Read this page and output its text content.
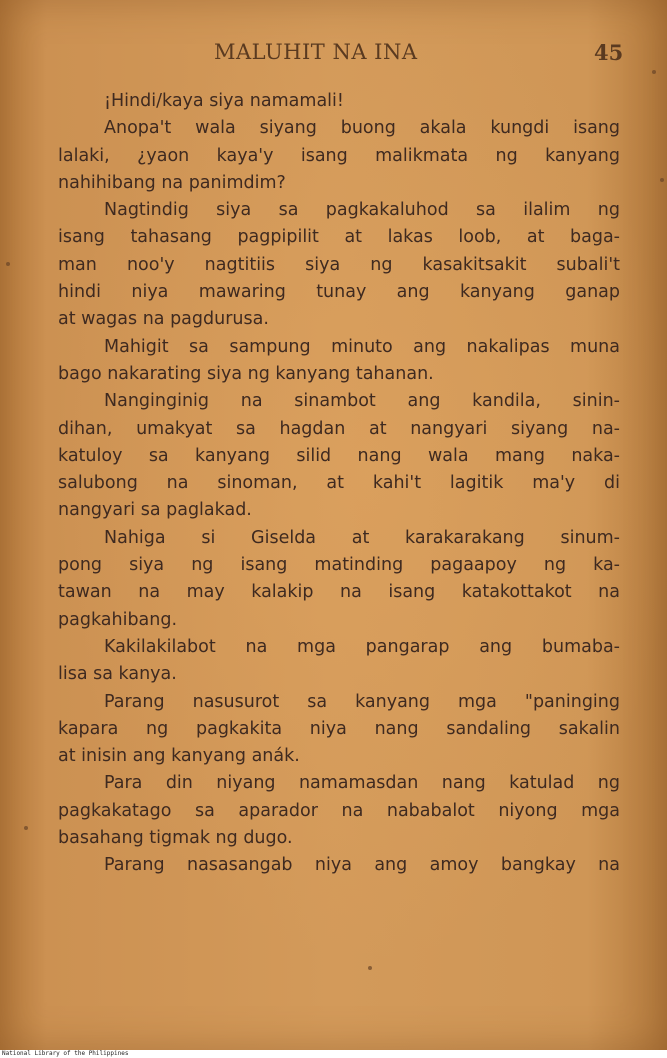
MALUHIT NA INA	45
¡Hindi/kaya siya namamali!
Anopa't wala siyang buong akala kungdi isang
lalaki, ¿yaon kaya'y isang malikmata ng kanyang
nahihibang na panimdim?
Nagtindig siya sa pagkakaluhod sa ilalim ng
isang tahasang pagpipilit at lakas loob, at baga-
man noo'y nagtitiis siya ng kasakitsakit subali't
hindi niya mawaring tunay ang kanyang ganap
at wagas na pagdurusa.
Mahigit sa sampung minuto ang nakalipas muna
bago nakarating siya ng kanyang tahanan.
Nanginginig na sinambot ang kandila, sinin-
dihan, umakyat sa hagdan at nangyari siyang na-
katuloy sa kanyang silid nang wala mang naka-
salubong na sinoman, at kahi't lagitik ma'y di
nangyari sa paglakad.
Nahiga si Giselda at karakarakang sinum-
pong siya ng isang matinding pagaapoy ng ka-
tawan na may kalakip na isang katakottakot na
pagkahibang.
Kakilakilabot na mga pangarap ang bumaba-
lisa sa kanya.
Parang nasusurot sa kanyang mga "paninging
kapara ng pagkakita niya nang sandaling sakalin
at inisin ang kanyang anák.
Para din niyang namamasdan nang katulad ng
pagkakatago sa aparador na nababalot niyong mga
basahang tigmak ng dugo.
Parang nasasangab niya ang amoy bangkay na
National Library of the Philippines
